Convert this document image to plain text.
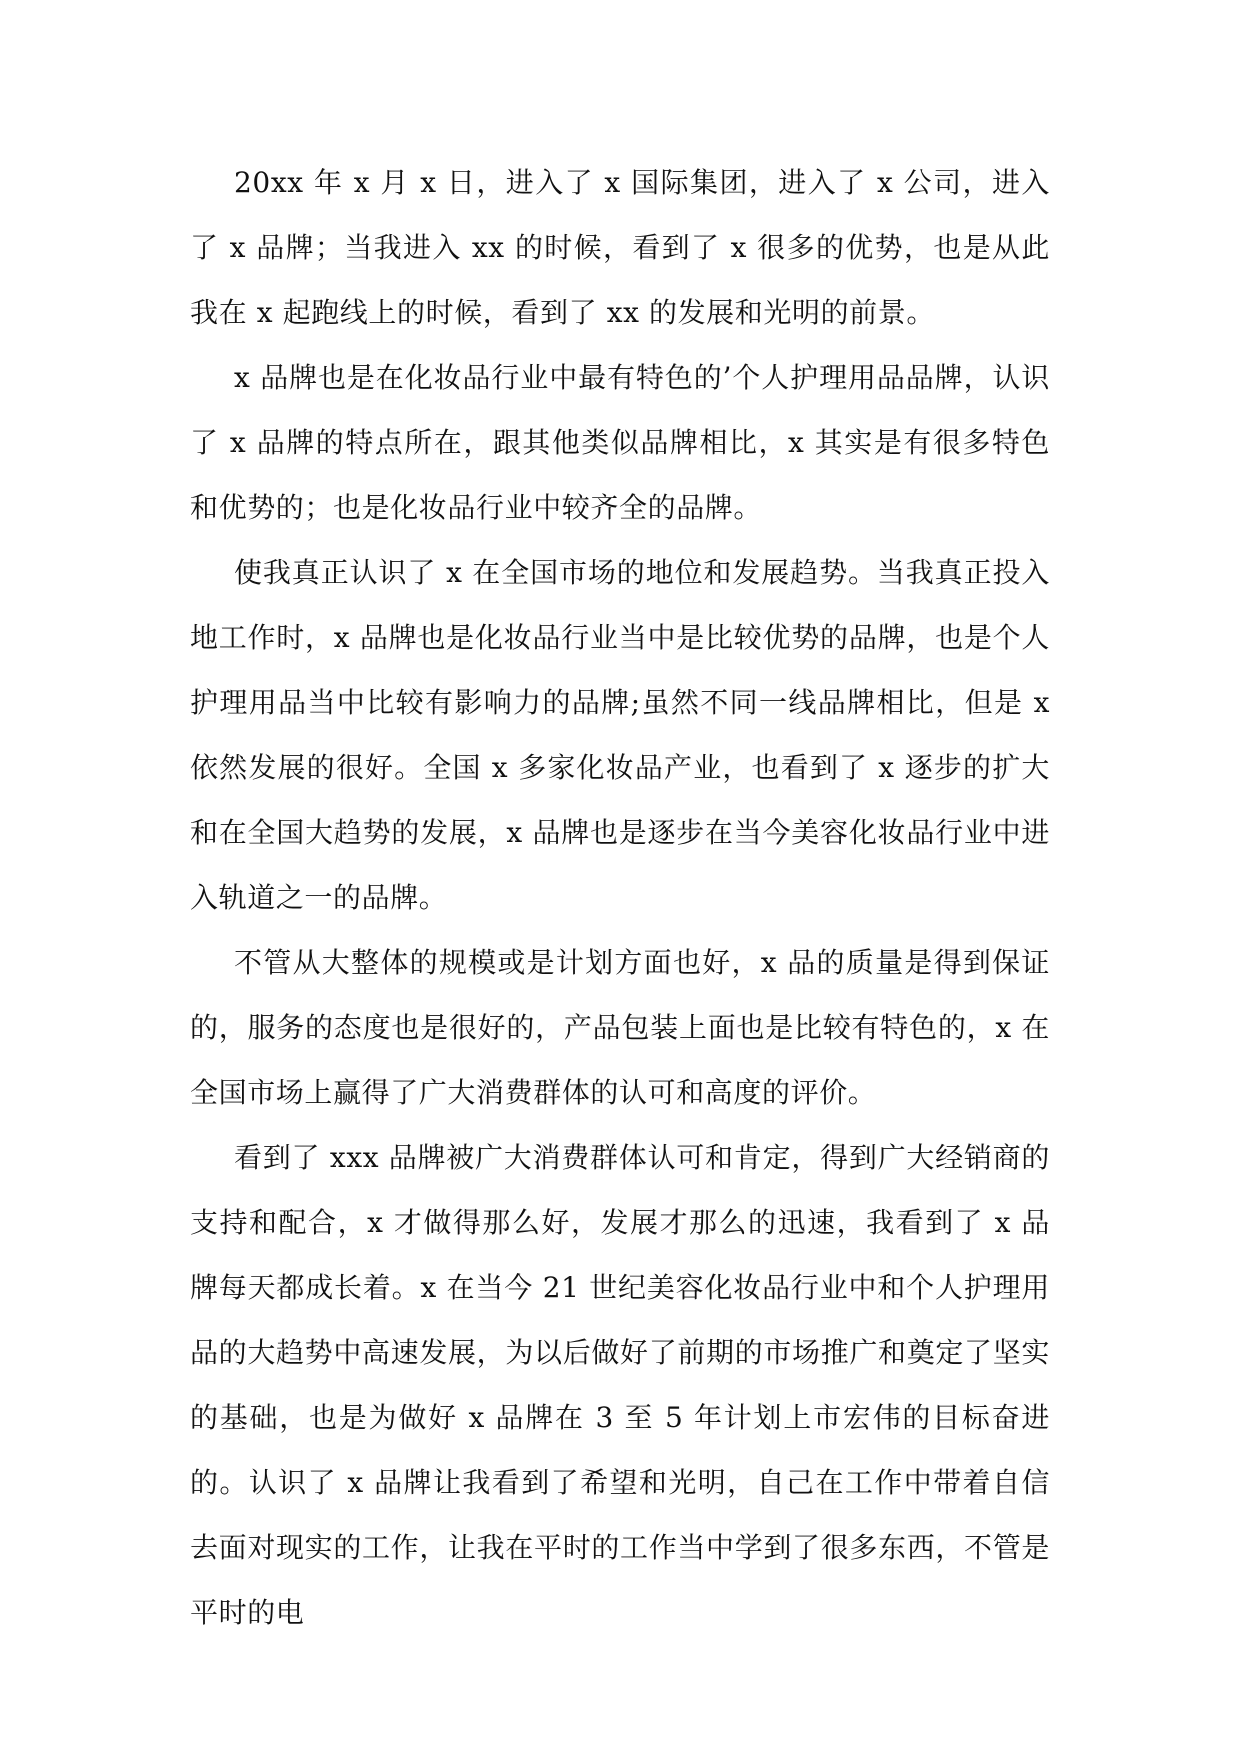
20xx 年 x 月 x 日，进入了 x 国际集团，进入了 x 公司，进入了 x 品牌；当我进入 xx 的时候，看到了 x 很多的优势，也是从此我在 x 起跑线上的时候，看到了 xx 的发展和光明的前景。

x 品牌也是在化妆品行业中最有特色的’个人护理用品品牌，认识了 x 品牌的特点所在，跟其他类似品牌相比，x 其实是有很多特色和优势的；也是化妆品行业中较齐全的品牌。

使我真正认识了 x 在全国市场的地位和发展趋势。当我真正投入地工作时，x 品牌也是化妆品行业当中是比较优势的品牌，也是个人护理用品当中比较有影响力的品牌;虽然不同一线品牌相比，但是 x 依然发展的很好。全国 x 多家化妆品产业，也看到了 x 逐步的扩大和在全国大趋势的发展，x 品牌也是逐步在当今美容化妆品行业中进入轨道之一的品牌。

不管从大整体的规模或是计划方面也好，x 品的质量是得到保证的，服务的态度也是很好的，产品包装上面也是比较有特色的，x 在全国市场上赢得了广大消费群体的认可和高度的评价。

看到了 xxx 品牌被广大消费群体认可和肯定，得到广大经销商的支持和配合，x 才做得那么好，发展才那么的迅速，我看到了 x 品牌每天都成长着。x 在当今 21 世纪美容化妆品行业中和个人护理用品的大趋势中高速发展，为以后做好了前期的市场推广和奠定了坚实的基础，也是为做好 x 品牌在 3 至 5 年计划上市宏伟的目标奋进的。认识了 x 品牌让我看到了希望和光明，自己在工作中带着自信去面对现实的工作，让我在平时的工作当中学到了很多东西，不管是平时的电
